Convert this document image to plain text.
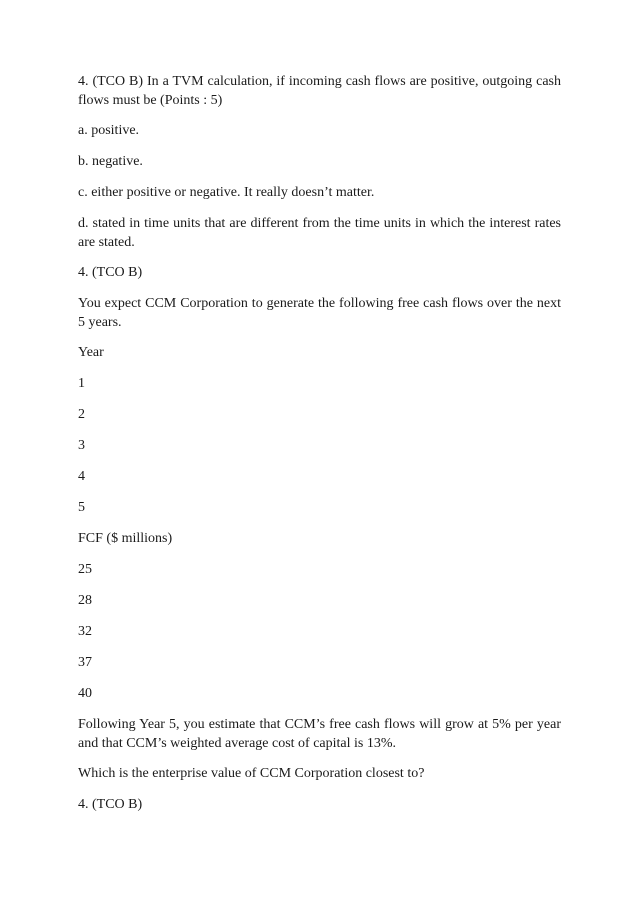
4. (TCO B) In a TVM calculation, if incoming cash flows are positive, outgoing cash flows must be (Points : 5)

a. positive.

b. negative.

c. either positive or negative. It really doesn’t matter.

d. stated in time units that are different from the time units in which the interest rates are stated.

4. (TCO B)

You expect CCM Corporation to generate the following free cash flows over the next 5 years.

Year

1

2

3

4

5

FCF ($ millions)

25

28

32

37

40

Following Year 5, you estimate that CCM’s free cash flows will grow at 5% per year and that CCM’s weighted average cost of capital is 13%.

Which is the enterprise value of CCM Corporation closest to?

4. (TCO B)
